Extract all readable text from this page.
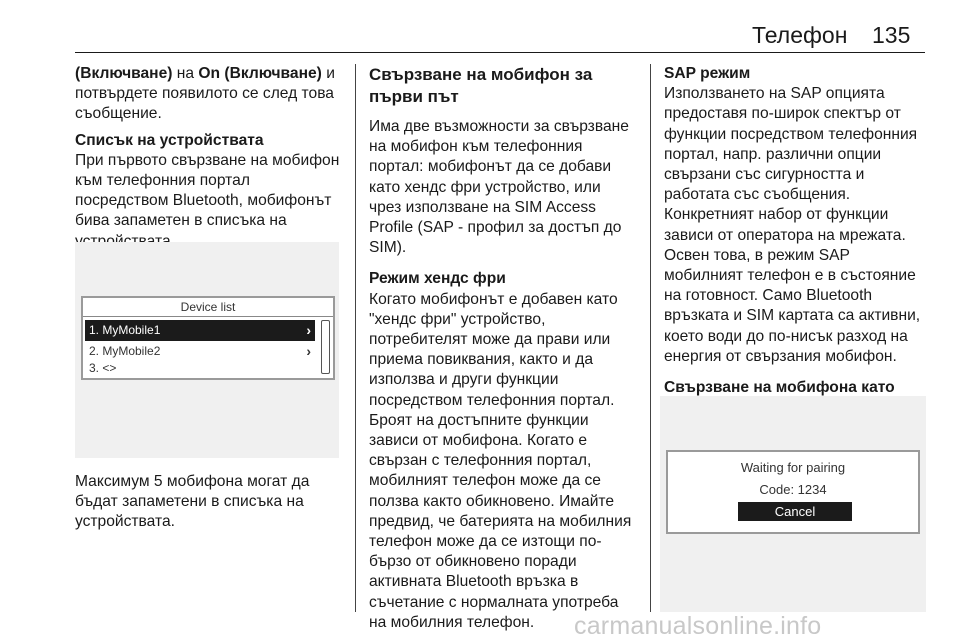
Телефон 135

(Включване) на On (Включване) и потвърдете появилото се след това съобщение.

Списък на устройствата

При първото свързване на мобифон към телефонния портал посредством Bluetooth, мобифонът бива запаметен в списъка на

Device list
1. MyMobile1	›
2. MyMobile2	›
3. <>

Максимум 5 мобифона могат да бъдат запаметени в списъка на устройствата.

Свързване на мобифон за първи път

Има две възможности за свързване на мобифон към телефонния портал: мобифонът да се добави като хендс фри устройство, или чрез използване на SIM Access Profile (SAP - профил за достъп до SIM).

Режим хендс фри

Когато мобифонът е добавен като "хендс фри" устройство, потребителят може да прави или приема повиквания, както и да използва и други функции посредством телефонния портал. Броят на достъпните функции зависи от мобифона. Когато е свързан с телефонния портал, мобилният телефон може да се ползва както обикновено. Имайте предвид, че батерията на мобилния телефон може да се изтощи по-бързо от обикновено поради активната Bluetooth връзка в съчетание с нормалната употреба на мобилния телефон.

SAP режим

Използването на SAP опцията предоставя по-широк спектър от функции посредством телефонния портал, напр. различни опции свързани със сигурността и работата със съобщения. Конкретният набор от функции зависи от оператора на мрежата. Освен това, в режим SAP мобилният телефон е в състояние на готовност. Само Bluetooth връзката и SIM картата са активни, което води до по-нисък разход на енергия от свързания мобифон.

Свързване на мобифона като

Waiting for pairing
Code: 1234
Cancel
carmanualsonline.info
